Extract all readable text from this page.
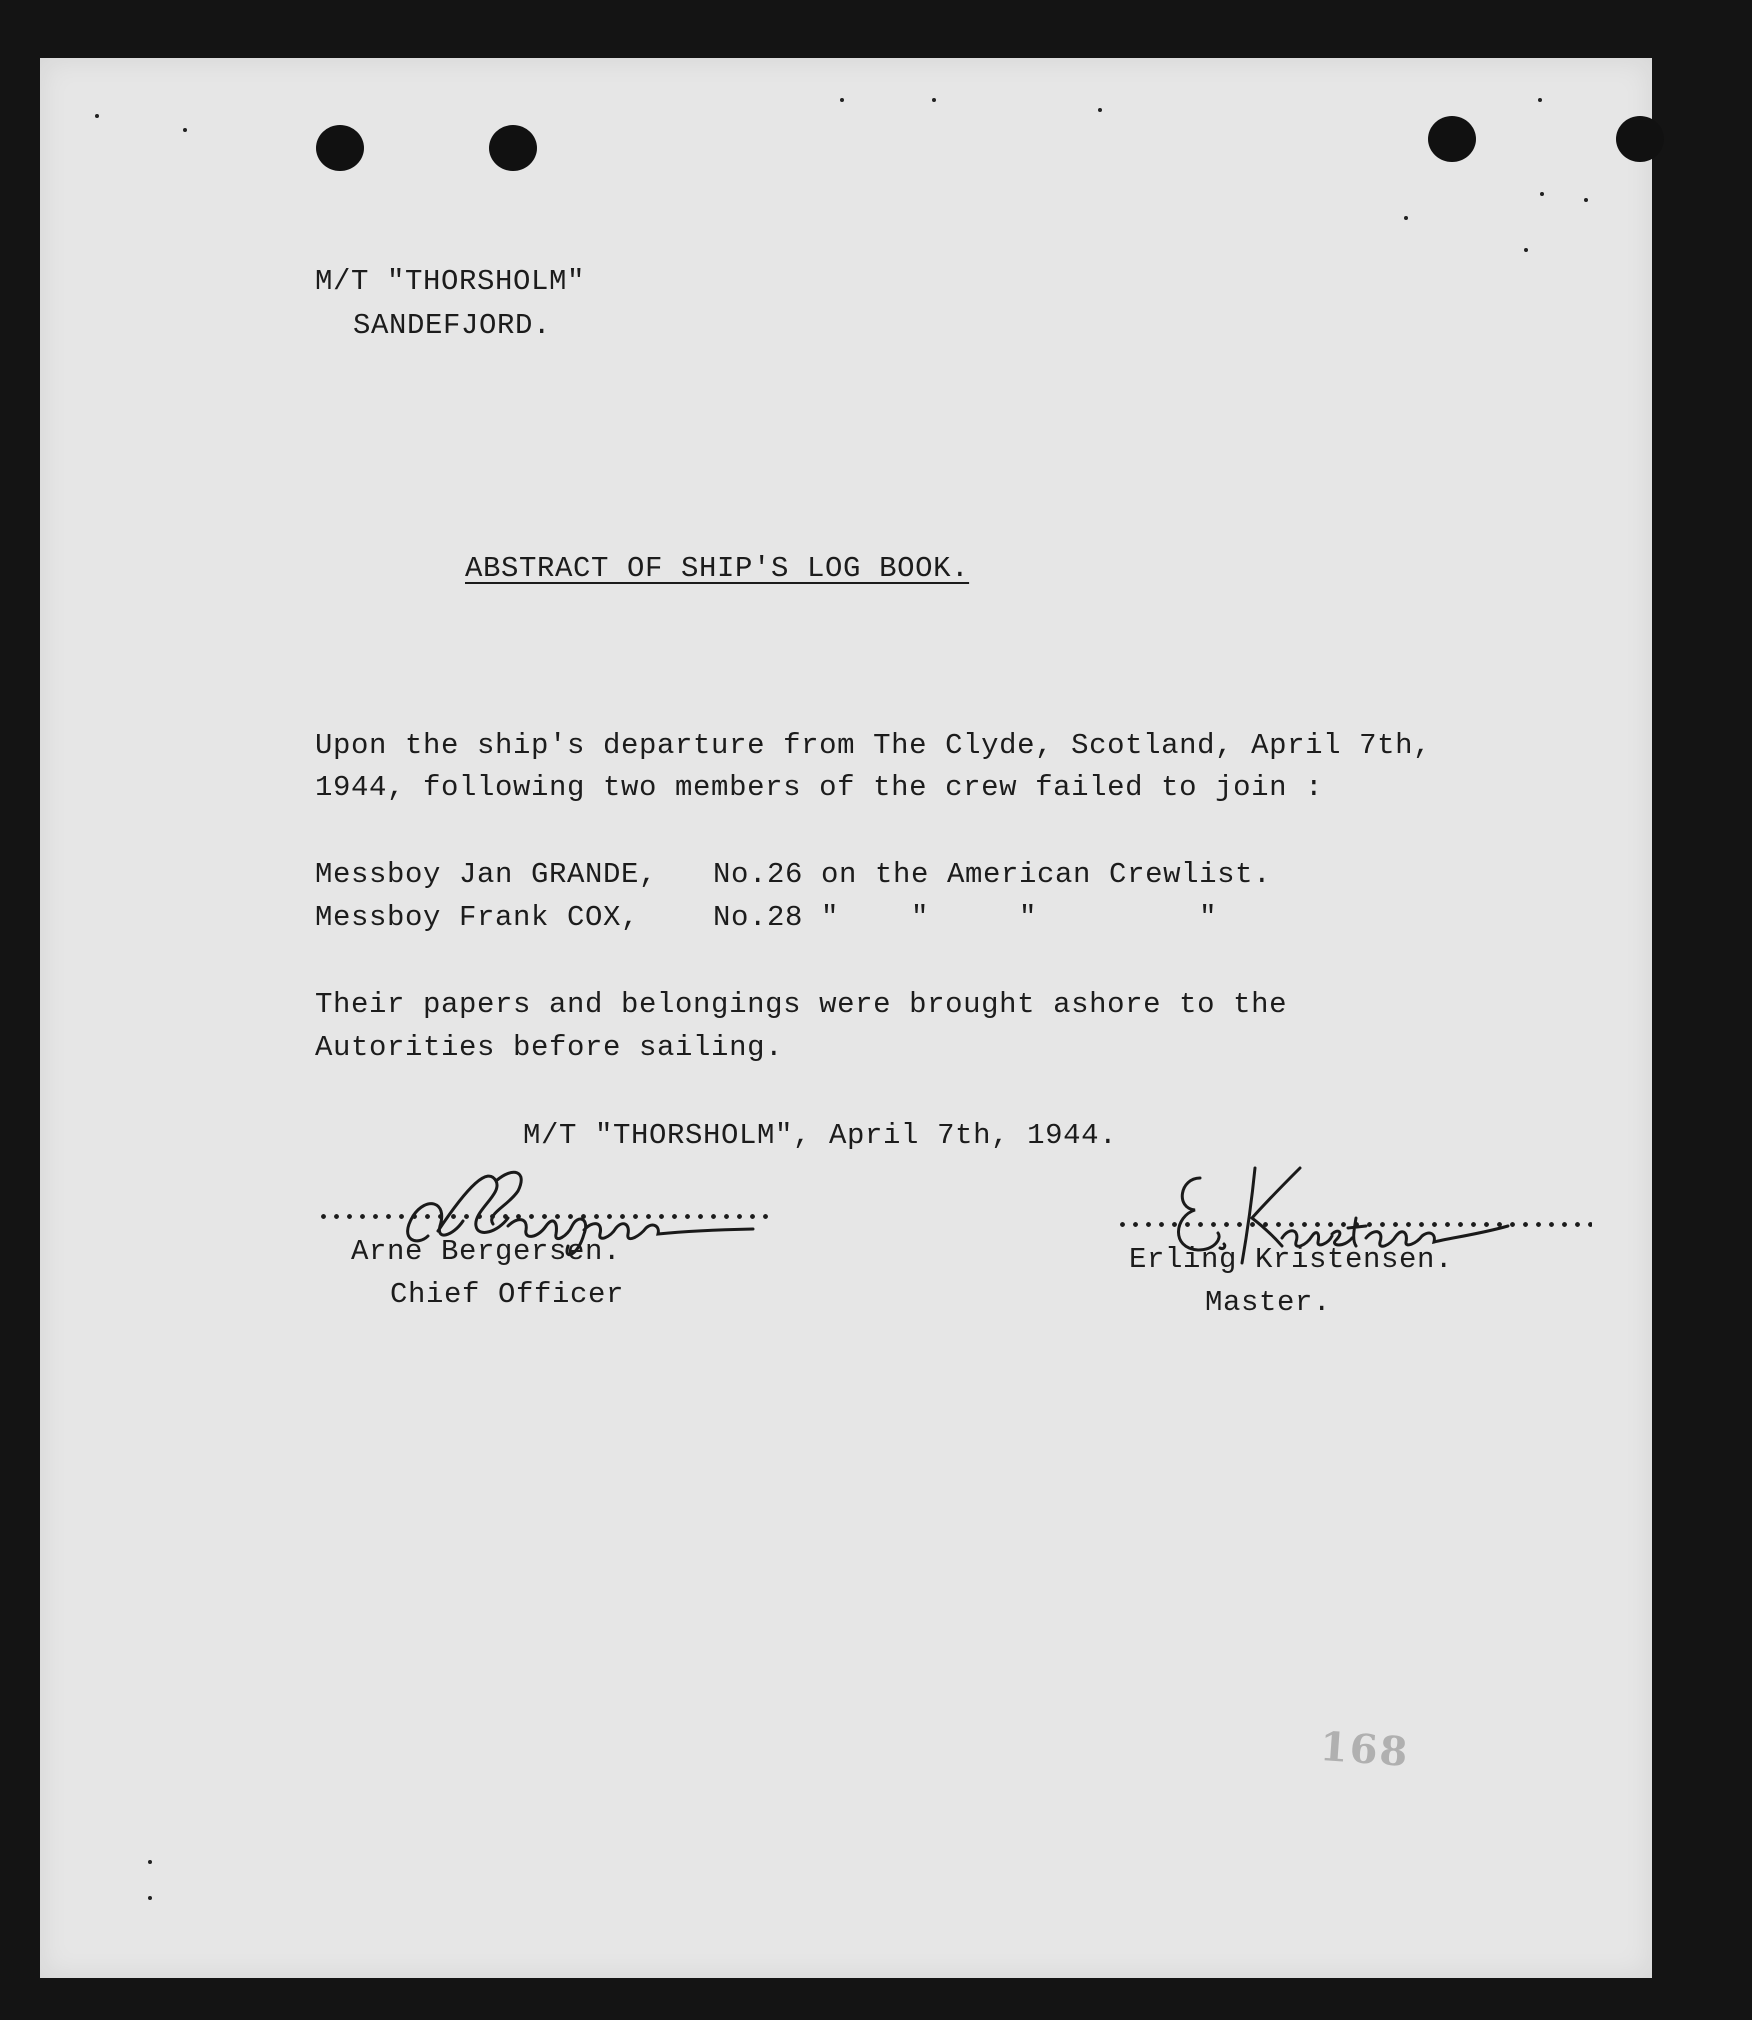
M/T "THORSHOLM"

SANDEFJORD.

ABSTRACT OF SHIP'S LOG BOOK.

Upon the ship's departure from The Clyde, Scotland, April 7th,

1944, following two members of the crew failed to join :

Messboy Jan GRANDE, No.26 on the American Crewlist.

Messboy Frank COX,	No.28 "    "     "         "

Their papers and belongings were brought ashore to the

Autorities before sailing.

M/T "THORSHOLM", April 7th, 1944.

Arne Bergersen.

Chief Officer

Erling Kristensen.

Master.

168
